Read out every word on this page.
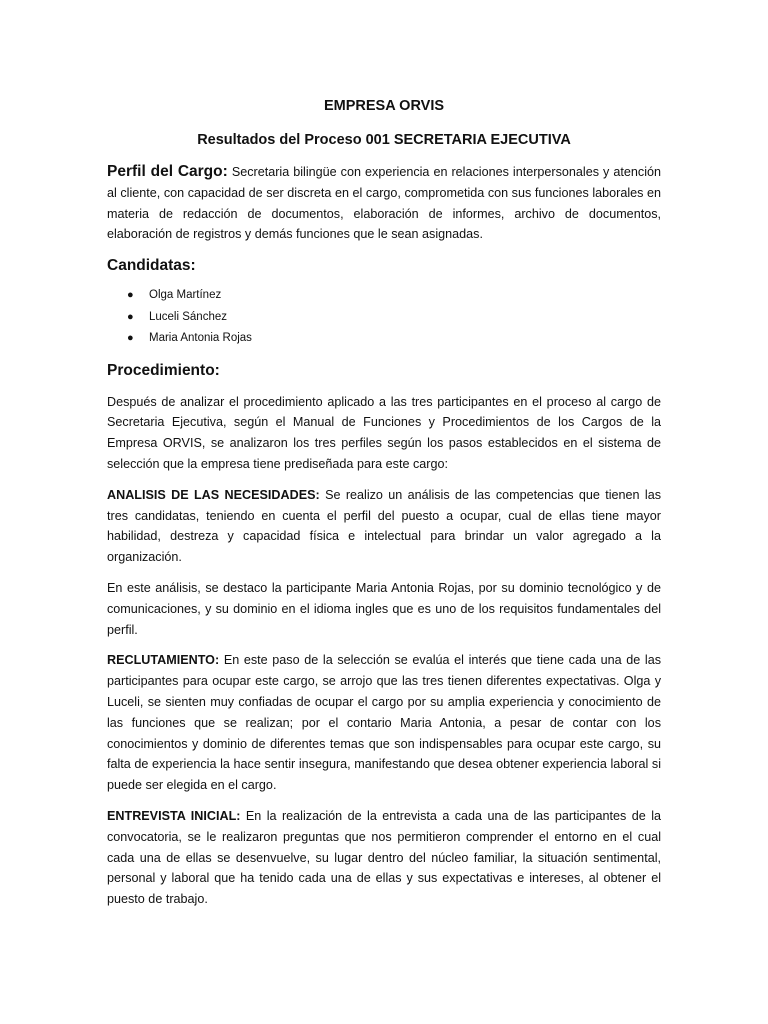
EMPRESA ORVIS
Resultados del Proceso 001 SECRETARIA EJECUTIVA

Perfil del Cargo: Secretaria bilingüe con experiencia en relaciones interpersonales y atención al cliente, con capacidad de ser discreta en el cargo, comprometida con sus funciones laborales en materia de redacción de documentos, elaboración de informes, archivo de documentos, elaboración de registros y demás funciones que le sean asignadas.

Candidatas:
●	Olga Martínez
●	Luceli Sánchez
●	Maria Antonia Rojas
Procedimiento:

Después de analizar el procedimiento aplicado a las tres participantes en el proceso al cargo de Secretaria Ejecutiva, según el Manual de Funciones y Procedimientos de los Cargos de la Empresa ORVIS, se analizaron los tres perfiles según los pasos establecidos en el sistema de selección que la empresa tiene prediseñada para este cargo:

ANALISIS DE LAS NECESIDADES: Se realizo un análisis de las competencias que tienen las tres candidatas, teniendo en cuenta el perfil del puesto a ocupar, cual de ellas tiene mayor habilidad, destreza y capacidad física e intelectual para brindar un valor agregado a la organización.

En este análisis, se destaco la participante Maria Antonia Rojas, por su dominio tecnológico y de comunicaciones, y su dominio en el idioma ingles que es uno de los requisitos fundamentales del perfil.

RECLUTAMIENTO: En este paso de la selección se evalúa el interés que tiene cada una de las participantes para ocupar este cargo, se arrojo que las tres tienen diferentes expectativas. Olga y Luceli, se sienten muy confiadas de ocupar el cargo por su amplia experiencia y conocimiento de las funciones que se realizan; por el contario Maria Antonia, a pesar de contar con los conocimientos y dominio de diferentes temas que son indispensables para ocupar este cargo, su falta de experiencia la hace sentir insegura, manifestando que desea obtener experiencia laboral si puede ser elegida en el cargo.

ENTREVISTA INICIAL: En la realización de la entrevista a cada una de las participantes de la convocatoria, se le realizaron preguntas que nos permitieron comprender el entorno en el cual cada una de ellas se desenvuelve, su lugar dentro del núcleo familiar, la situación sentimental, personal y laboral que ha tenido cada una de ellas y sus expectativas e intereses, al obtener el puesto de trabajo.
